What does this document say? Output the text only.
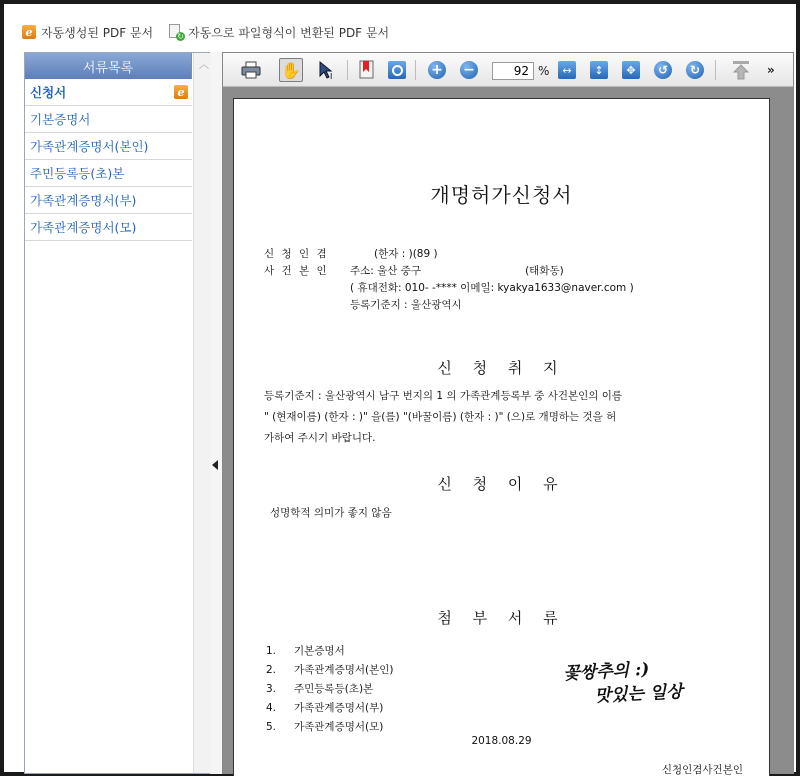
e 자동생성된 PDF 문서	↻ 자동으로 파일형식이 변환된 PDF 문서
서류목록
신청서	e
기본증명서
가족관계증명서(본인)
주민등록등(초)본
가족관계증명서(부)
가족관계증명서(모)
︿	✋	I	+ −
92	%	↔	↕	✥	↺	↻	»
개명허가신청서
신 청 인 겸	(한자 : )(89 )
사 건 본 인	주소: 울산 중구	(태화동)
( 휴대전화: 010- -**** 이메일: kyakya1633@naver.com )
등록기준지 : 울산광역시
신 청 취 지
등록기준지 : 울산광역시 남구 번지의 1 의 가족관계등록부 중 사건본인의 이름
" (현재이름) (한자 : )" 을(를) "(바꿀이름) (한자 : )" (으)로 개명하는 것을 허
가하여 주시기 바랍니다.
신 청 이 유
성명학적 의미가 좋지 않음
첨 부 서 류
1.	기본증명서
2.	가족관계증명서(본인)
3.	주민등록등(초)본
4.	가족관계증명서(부)
5.	가족관계증명서(모)
꽃쌍추의 :)
맛있는 일상
2018.08.29
신청인겸사건본인
